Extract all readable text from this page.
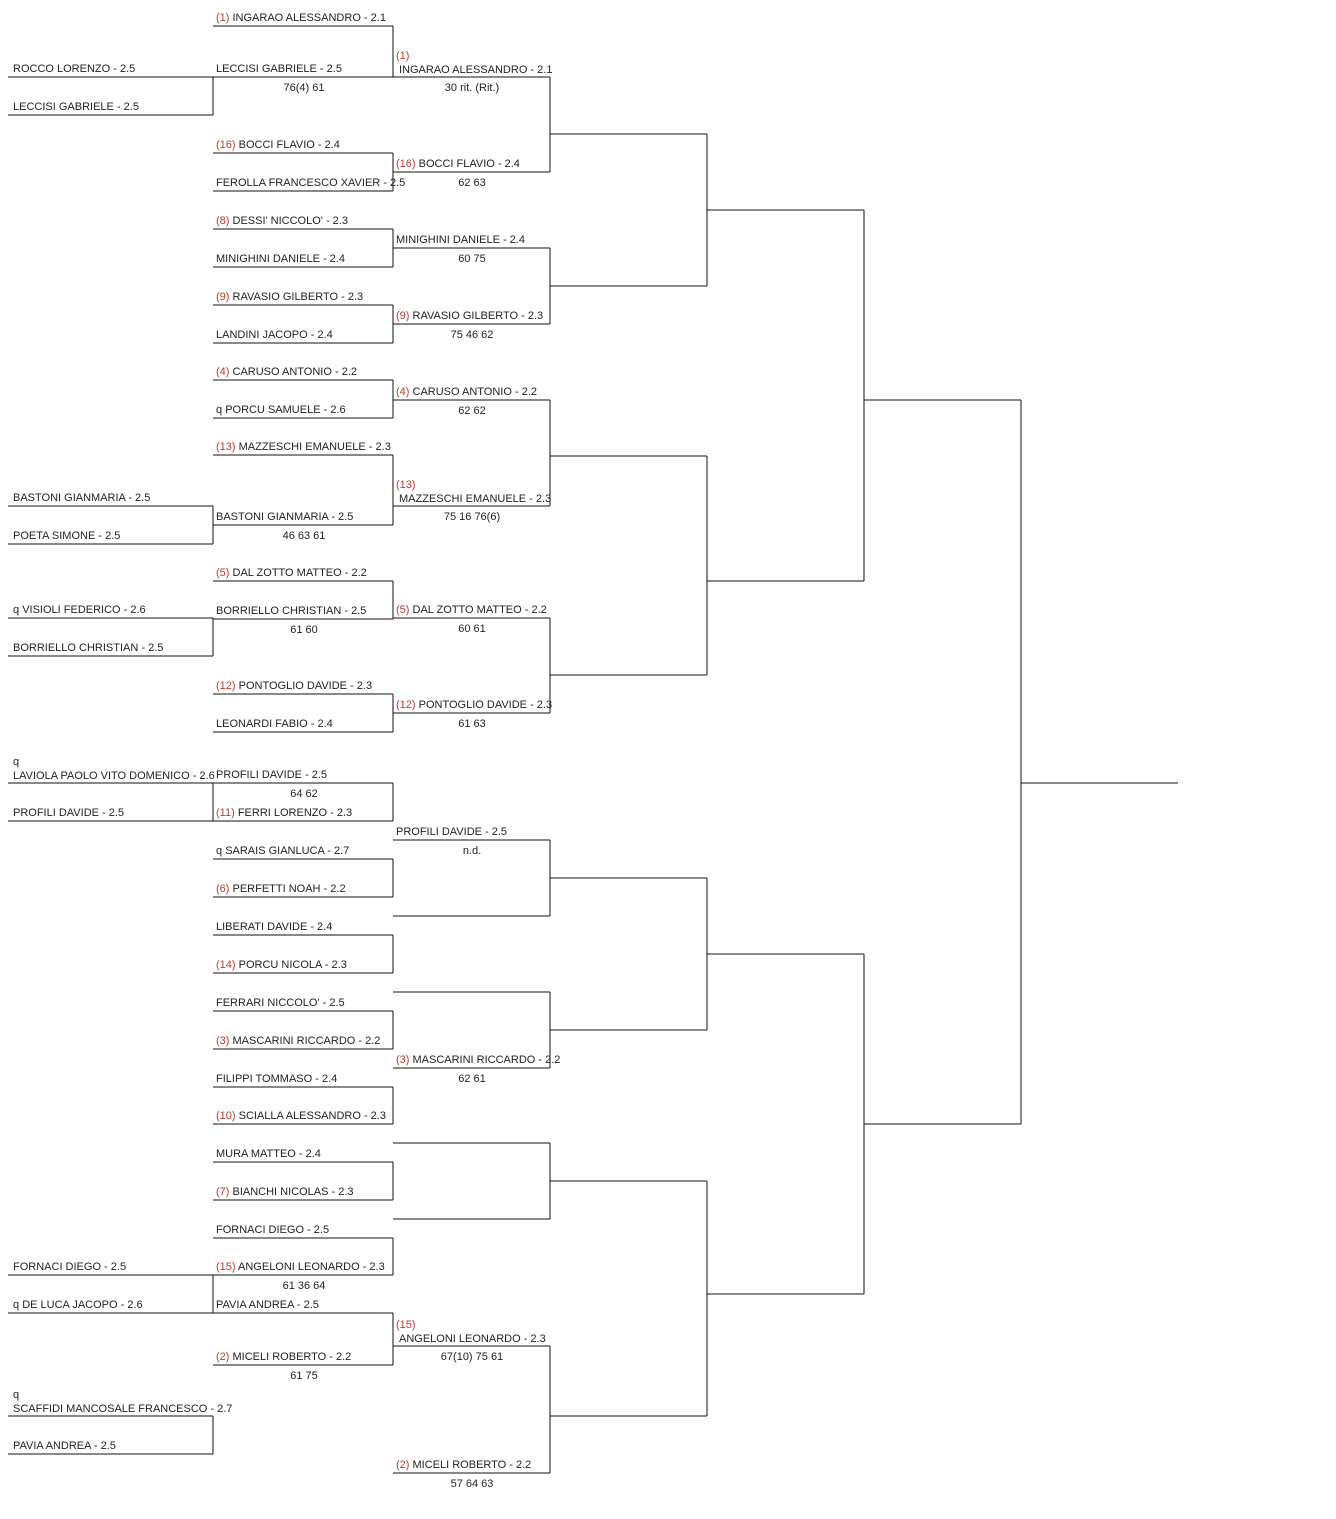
ROCCO LORENZO - 2.5
LECCISI GABRIELE - 2.5
BASTONI GIANMARIA - 2.5
POETA SIMONE - 2.5
q VISIOLI FEDERICO - 2.6
BORRIELLO CHRISTIAN - 2.5
q LAVIOLA PAOLO VITO DOMENICO - 2.6
PROFILI DAVIDE - 2.5
FORNACI DIEGO - 2.5
q DE LUCA JACOPO - 2.6
q SCAFFIDI MANCOSALE FRANCESCO - 2.7
PAVIA ANDREA - 2.5
(1) INGARAO ALESSANDRO - 2.1
LECCISI GABRIELE - 2.5
76(4) 61
(16) BOCCI FLAVIO - 2.4
FEROLLA FRANCESCO XAVIER - 2.5
(8) DESSI' NICCOLO' - 2.3
MINIGHINI DANIELE - 2.4
(9) RAVASIO GILBERTO - 2.3
LANDINI JACOPO - 2.4
(4) CARUSO ANTONIO - 2.2
q PORCU SAMUELE - 2.6
(13) MAZZESCHI EMANUELE - 2.3
BASTONI GIANMARIA - 2.5
46 63 61
(5) DAL ZOTTO MATTEO - 2.2
BORRIELLO CHRISTIAN - 2.5
61 60
(12) PONTOGLIO DAVIDE - 2.3
LEONARDI FABIO - 2.4
PROFILI DAVIDE - 2.5
(11) FERRI LORENZO - 2.3
64 62
q SARAIS GIANLUCA - 2.7
(6) PERFETTI NOAH - 2.2
LIBERATI DAVIDE - 2.4
(14) PORCU NICOLA - 2.3
FERRARI NICCOLO' - 2.5
(3) MASCARINI RICCARDO - 2.2
FILIPPI TOMMASO - 2.4
(10) SCIALLA ALESSANDRO - 2.3
MURA MATTEO - 2.4
(7) BIANCHI NICOLAS - 2.3
FORNACI DIEGO - 2.5
(15) ANGELONI LEONARDO - 2.3
61 36 64
PAVIA ANDREA - 2.5
(2) MICELI ROBERTO - 2.2
61 75
(1) INGARAO ALESSANDRO - 2.1
(16) BOCCI FLAVIO - 2.4
30 rit. (Rit.)
62 63
MINIGHINI DANIELE - 2.4
(9) RAVASIO GILBERTO - 2.3
60 75
75 46 62
(4) CARUSO ANTONIO - 2.2
(13) MAZZESCHI EMANUELE - 2.3
62 62
75 16 76(6)
(5) DAL ZOTTO MATTEO - 2.2
(12) PONTOGLIO DAVIDE - 2.3
60 61
61 63
PROFILI DAVIDE - 2.5
n.d.
(3) MASCARINI RICCARDO - 2.2
62 61
(15) ANGELONI LEONARDO - 2.3
(2) MICELI ROBERTO - 2.2
67(10) 75 61
57 64 63
